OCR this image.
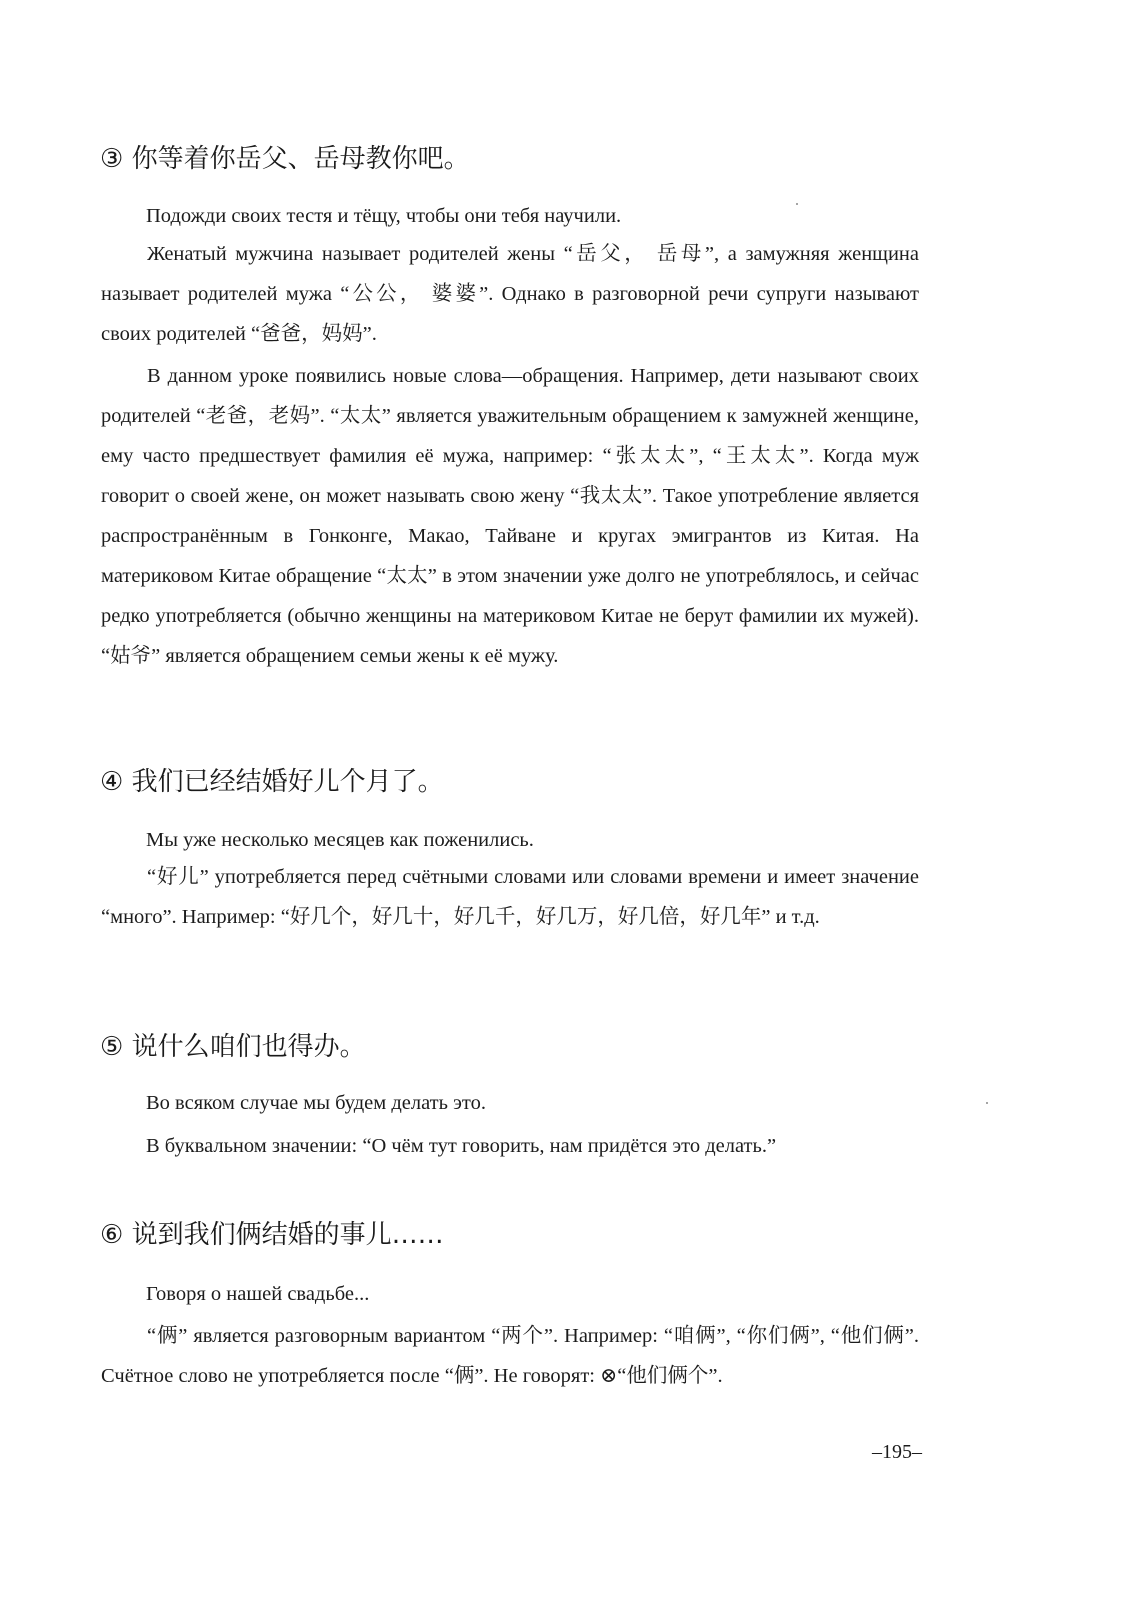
③ 你等着你岳父、岳母教你吧。
Подожди своих тестя и тёщу, чтобы они тебя научили.
Женатый мужчина называет родителей жены “岳父， 岳母”, а замужняя женщина называет родителей мужа “公公， 婆婆”. Однако в разговорной речи супруги называют своих родителей “爸爸，妈妈”.
В данном уроке появились новые слова—обращения. Например, дети называют своих родителей “老爸，老妈”. “太太” является уважительным обращением к замужней женщине, ему часто предшествует фамилия её мужа, например: “张太太”, “王太太”. Когда муж говорит о своей жене, он может называть свою жену “我太太”. Такое употребление является распространённым в Гонконге, Макао, Тайване и кругах эмигрантов из Китая. На материковом Китае обращение “太太” в этом значении уже долго не употреблялось, и сейчас редко употребляется (обычно женщины на материковом Китае не берут фамилии их мужей). “姑爷” является обращением семьи жены к её мужу.
④ 我们已经结婚好儿个月了。
Мы уже несколько месяцев как поженились.
“好儿” употребляется перед счётными словами или словами времени и имеет значение “много”. Например: “好几个，好几十，好几千，好几万，好几倍，好几年” и т.д.
⑤ 说什么咱们也得办。
Во всяком случае мы будем делать это.
В буквальном значении: “О чём тут говорить, нам придётся это делать.”
⑥ 说到我们俩结婚的事儿……
Говоря о нашей свадьбе...
“俩” является разговорным вариантом “两个”. Например: “咱俩”, “你们俩”, “他们俩”. Счётное слово не употребляется после “俩”. Не говорят: ⊗“他们俩个”.
–195–
